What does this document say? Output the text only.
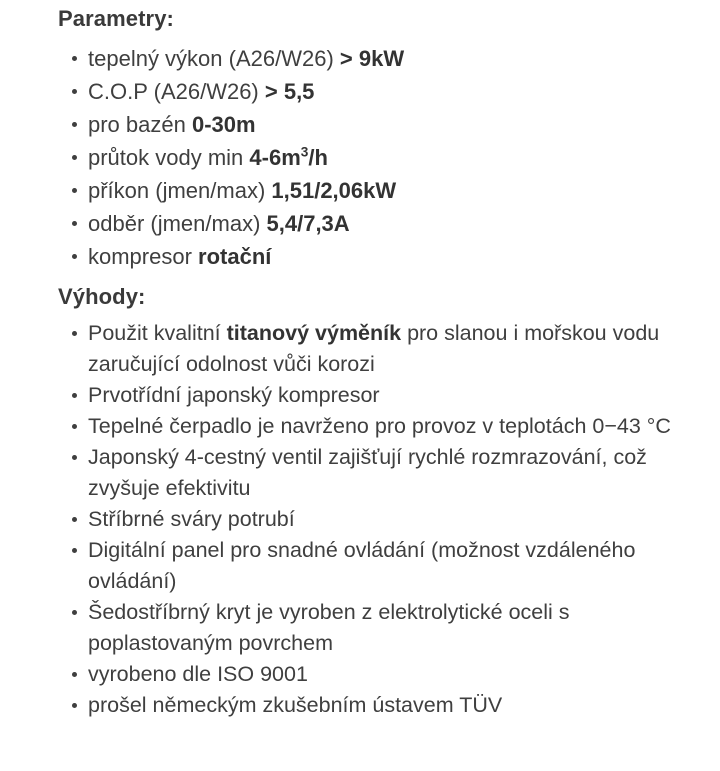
Parametry:
tepelný výkon (A26/W26) > 9kW
C.O.P (A26/W26) > 5,5
pro bazén 0-30m
průtok vody $\min 4-6m^3/h$
příkon (jmen/max) 1,51/2,06kW
odběr (jmen/max) 5,4/7,3A
kompresor rotační
Výhody:
Použit kvalitní titanový výměník pro slanou i mořskou vodu zaručující odolnost vůči korozi
Prvotřídní japonský kompresor
Tepelné čerpadlo je navrženo pro provoz v teplotách 0−43 °C
Japonský 4-cestný ventil zajišťují rychlé rozmrazování, což zvyšuje efektivitu
Stříbrné sváry potrubí
Digitální panel pro snadné ovládání (možnost vzdáleného ovládání)
Šedostříbrný kryt je vyroben z elektrolytické oceli s poplastovaným povrchem
vyrobeno dle ISO 9001
prošel německým zkušebním ústavem TÜV
